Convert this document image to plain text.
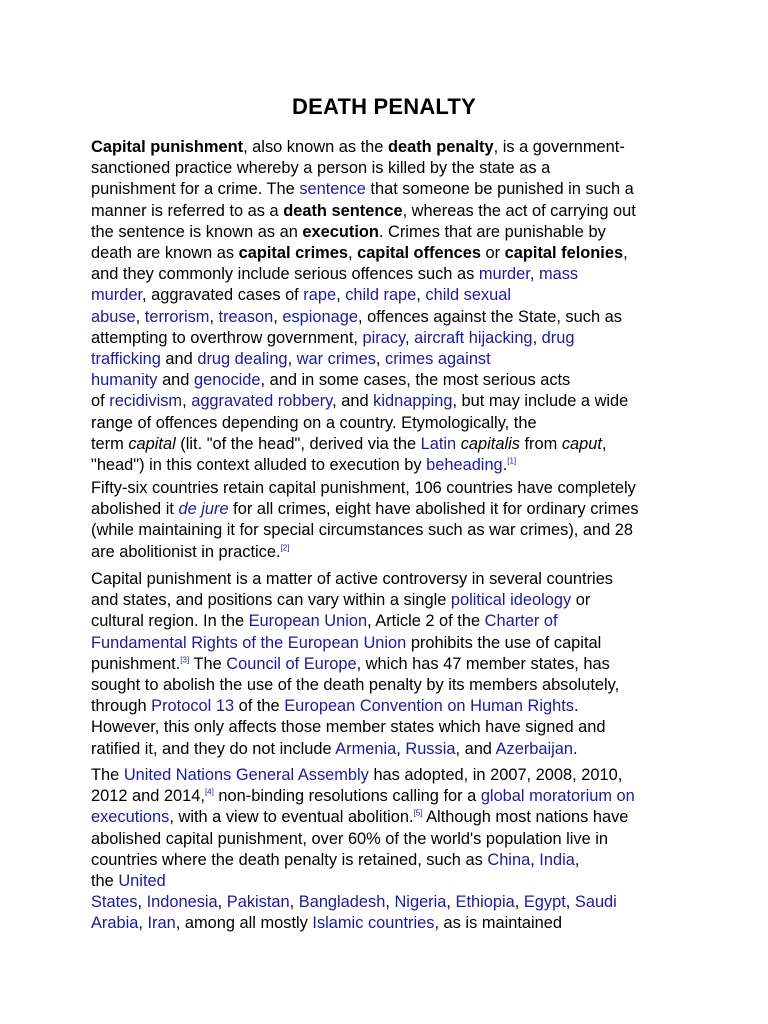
DEATH PENALTY
Capital punishment, also known as the death penalty, is a government-
sanctioned practice whereby a person is killed by the state as a
punishment for a crime. The sentence that someone be punished in such a
manner is referred to as a death sentence, whereas the act of carrying out
the sentence is known as an execution. Crimes that are punishable by
death are known as capital crimes, capital offences or capital felonies,
and they commonly include serious offences such as murder, mass
murder, aggravated cases of rape, child rape, child sexual
abuse, terrorism, treason, espionage, offences against the State, such as
attempting to overthrow government, piracy, aircraft hijacking, drug
trafficking and drug dealing, war crimes, crimes against
humanity and genocide, and in some cases, the most serious acts
of recidivism, aggravated robbery, and kidnapping, but may include a wide
range of offences depending on a country. Etymologically, the
term capital (lit. "of the head", derived via the Latin capitalis from caput,
"head") in this context alluded to execution by beheading.[1]
Fifty-six countries retain capital punishment, 106 countries have completely
abolished it de jure for all crimes, eight have abolished it for ordinary crimes
(while maintaining it for special circumstances such as war crimes), and 28
are abolitionist in practice.[2]
Capital punishment is a matter of active controversy in several countries
and states, and positions can vary within a single political ideology or
cultural region. In the European Union, Article 2 of the Charter of
Fundamental Rights of the European Union prohibits the use of capital
punishment.[3] The Council of Europe, which has 47 member states, has
sought to abolish the use of the death penalty by its members absolutely,
through Protocol 13 of the European Convention on Human Rights.
However, this only affects those member states which have signed and
ratified it, and they do not include Armenia, Russia, and Azerbaijan.
The United Nations General Assembly has adopted, in 2007, 2008, 2010,
2012 and 2014,[4] non-binding resolutions calling for a global moratorium on
executions, with a view to eventual abolition.[5] Although most nations have
abolished capital punishment, over 60% of the world's population live in
countries where the death penalty is retained, such as China, India,
the United
States, Indonesia, Pakistan, Bangladesh, Nigeria, Ethiopia, Egypt, Saudi
Arabia, Iran, among all mostly Islamic countries, as is maintained
